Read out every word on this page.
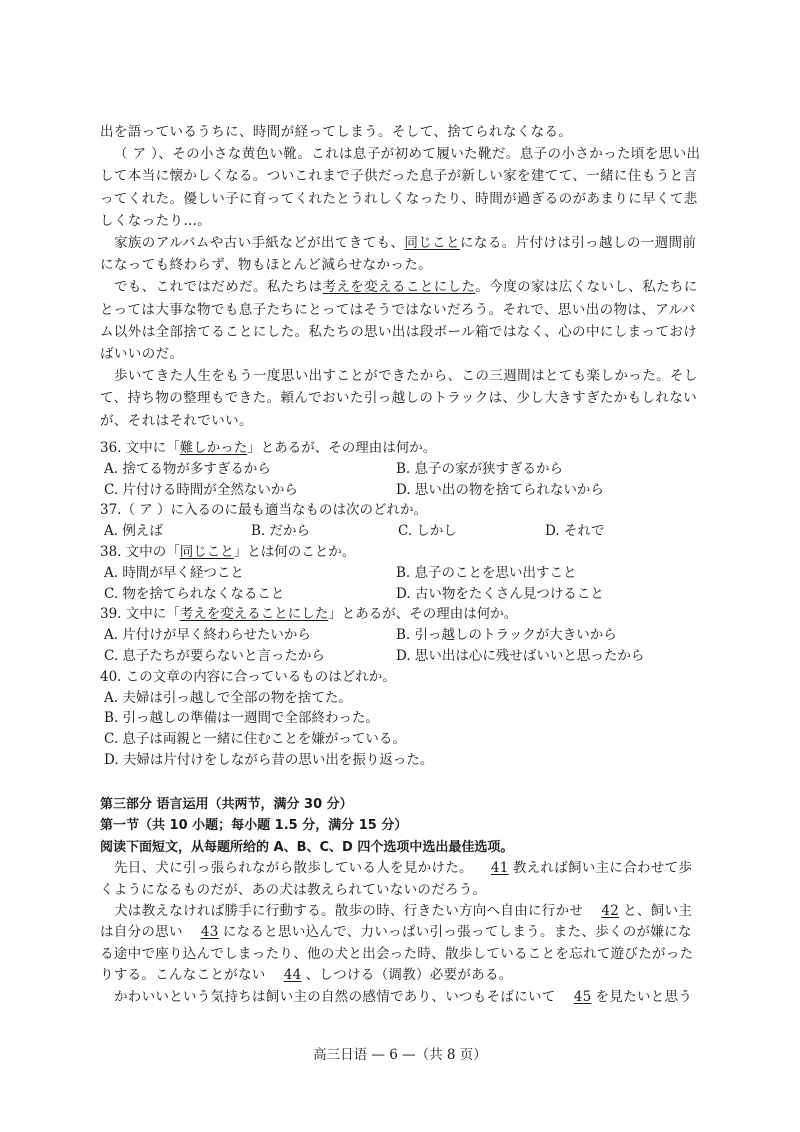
出を語っているうちに、時間が経ってしまう。そして、捨てられなくなる。

（ ア ）、その小さな黄色い靴。これは息子が初めて履いた靴だ。息子の小さかった頃を思い出して本当に懐かしくなる。ついこれまで子供だった息子が新しい家を建てて、一緒に住もうと言ってくれた。優しい子に育ってくれたとうれしくなったり、時間が過ぎるのがあまりに早くて悲しくなったり…。

家族のアルバムや古い手紙などが出てきても、同じことになる。片付けは引っ越しの一週間前になっても終わらず、物もほとんど減らせなかった。

でも、これではだめだ。私たちは考えを変えることにした。今度の家は広くないし、私たちにとっては大事な物でも息子たちにとってはそうではないだろう。それで、思い出の物は、アルバム以外は全部捨てることにした。私たちの思い出は段ボール箱ではなく、心の中にしまっておけばいいのだ。

歩いてきた人生をもう一度思い出すことができたから、この三週間はとても楽しかった。そして、持ち物の整理もできた。頼んでおいた引っ越しのトラックは、少し大きすぎたかもしれないが、それはそれでいい。

36. 文中に「難しかった」とあるが、その理由は何か。

A. 捨てる物が多すぎるから	B. 息子の家が狭すぎるから
C. 片付ける時間が全然ないから	D. 思い出の物を捨てられないから

37.（ ア ）に入るのに最も適当なものは次のどれか。

A. 例えば	B. だから	C. しかし	D. それで

38. 文中の「同じこと」とは何のことか。

A. 時間が早く経つこと	B. 息子のことを思い出すこと
C. 物を捨てられなくなること	D. 古い物をたくさん見つけること

39. 文中に「考えを変えることにした」とあるが、その理由は何か。

A. 片付けが早く終わらせたいから	B. 引っ越しのトラックが大きいから
C. 息子たちが要らないと言ったから	D. 思い出は心に残せばいいと思ったから

40. この文章の内容に合っているものはどれか。

A. 夫婦は引っ越しで全部の物を捨てた。

B. 引っ越しの準備は一週間で全部終わった。

C. 息子は両親と一緒に住むことを嫌がっている。

D. 夫婦は片付けをしながら昔の思い出を振り返った。

第三部分 语言运用（共两节，满分 30 分）

第一节（共 10 小题；每小题 1.5 分，满分 15 分）

阅读下面短文，从每题所给的 A、B、C、D 四个选项中选出最佳选项。

先日、犬に引っ張られながら散歩している人を見かけた。 41 教えれば飼い主に合わせて歩くようになるものだが、あの犬は教えられていないのだろう。

犬は教えなければ勝手に行動する。散歩の時、行きたい方向へ自由に行かせ 42 と、飼い主は自分の思い 43 になると思い込んで、力いっぱい引っ張ってしまう。また、歩くのが嫌になる途中で座り込んでしまったり、他の犬と出会った時、散歩していることを忘れて遊びたがったりする。こんなことがない 44 、しつける（调教）必要がある。

かわいいという気持ちは飼い主の自然の感情であり、いつもそばにいて 45 を見たいと思う

高三日语 — 6 —（共 8 页）
